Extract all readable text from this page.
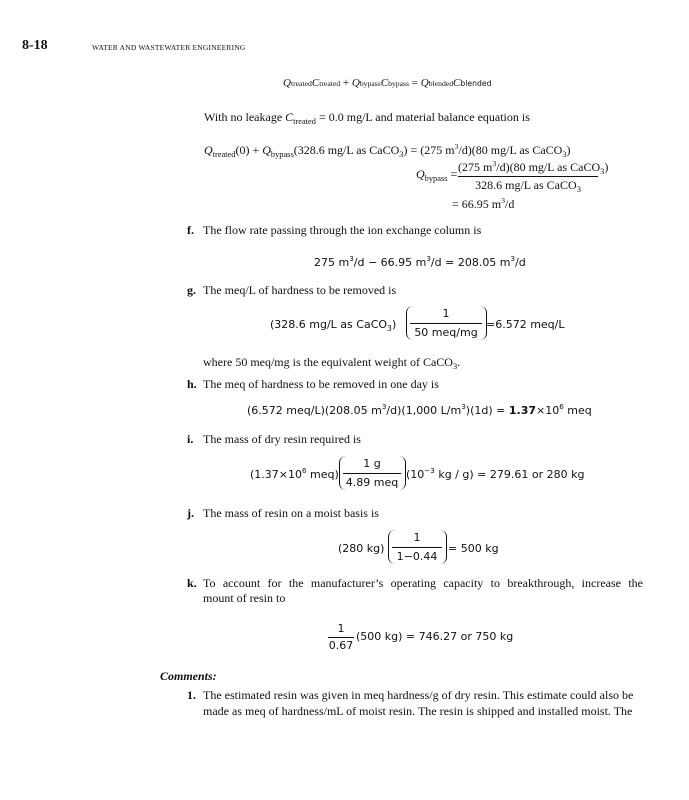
8-18	WATER AND WASTEWATER ENGINEERING
QtreatedCtreated + QbypassCbypass = QblendedCblended
With no leakage $C_{treated} = 0.0$ mg/L and material balance equation is
$Q_{treated}(0) + Q_{bypass}(328.6$ mg/L as CaCO$_3$) = (275 $m^3/d)(80$ mg/L as CaCO$_3$)
$Q_{bypass} = (275$ $m^3/d)(80$ mg/L as CaCO$_3$)
328.6 mg/L as CaCO$_3$
= 66.95 $m^3/d$
f. The flow rate passing through the ion exchange column is
275 $m^3/d - 66.95$ $m^3/d = 208.05$ $m^3/d$
g. The meq/L of hardness to be removed is
(328.6 mg/L as CaCO$_3$)
1
50 meq/mg
=6.572 meq/L
where 50 meq/mg is the equivalent weight of CaCO$_3$.
h. The meq of hardness to be removed in one day is
(6.572 meq/L)(208.05 $m^3/d)(1,000$ $L/m^3)(1d) = 1.37\times 10^6$ meq
i. The mass of dry resin required is
($1.37\times 10^6$ meq)
1 g
4.89 meq
($10^{-3}$ kg / g) = 279.61 or 280 kg
j. The mass of resin on a moist basis is
(280 kg)
1
1−0.44
= 500 kg
k. To account for the manufacturer’s operating capacity to breakthrough, increase the
mount of resin to
1
0.67
(500 kg) = 746.27 or 750 kg
Comments:
1. The estimated resin was given in meq hardness/g of dry resin. This estimate could also be
made as meq of hardness/mL of moist resin. The resin is shipped and installed moist. The
